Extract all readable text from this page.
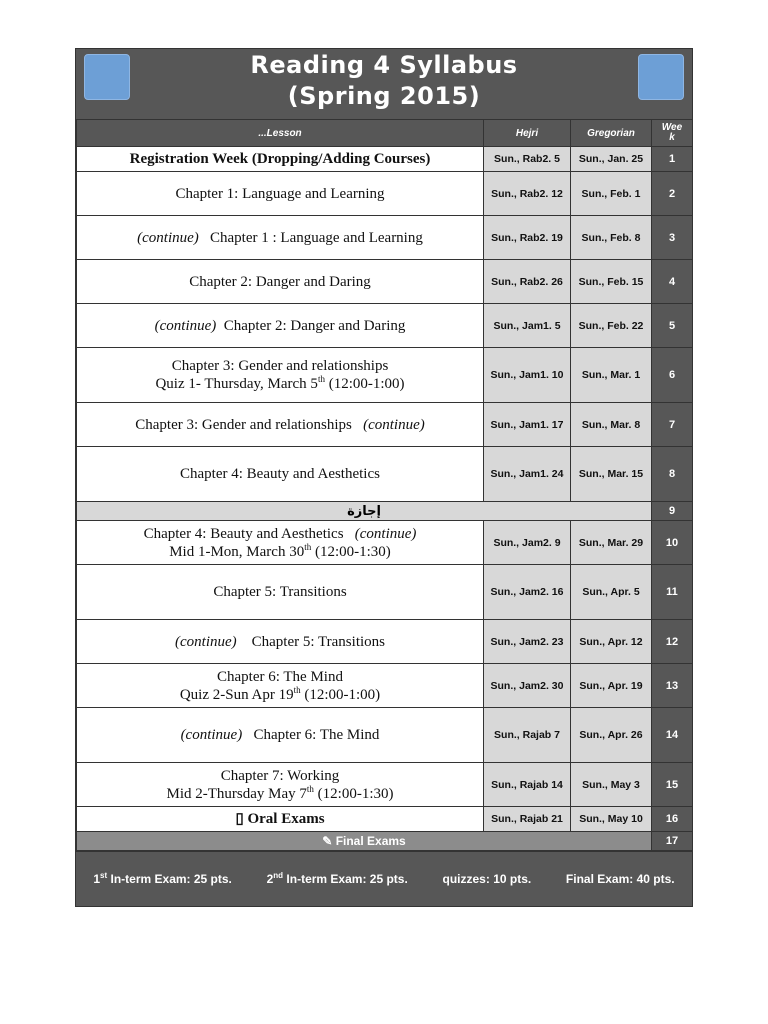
Reading 4 Syllabus
(Spring 2015)
...Lesson	Hejri	Gregorian	Week
Registration Week (Dropping/Adding Courses)	Sun., Rab2. 5	Sun., Jan. 25	1
Chapter 1: Language and Learning	Sun., Rab2. 12	Sun., Feb. 1	2
(continue) Chapter 1 : Language and Learning	Sun., Rab2. 19	Sun., Feb. 8	3
Chapter 2: Danger and Daring	Sun., Rab2. 26	Sun., Feb. 15	4
(continue) Chapter 2: Danger and Daring	Sun., Jam1. 5	Sun., Feb. 22	5

Chapter 3: Gender and relationships
Quiz 1- Thursday, March 5th (12:00-1:00)	Sun., Jam1. 10	Sun., Mar. 1	6
Chapter 3: Gender and relationships (continue)	Sun., Jam1. 17	Sun., Mar. 8	7
Chapter 4: Beauty and Aesthetics	Sun., Jam1. 24	Sun., Mar. 15	8
إجازة			9

Chapter 4: Beauty and Aesthetics (continue)
Mid 1-Mon, March 30th (12:00-1:30)	Sun., Jam2. 9	Sun., Mar. 29	10
Chapter 5: Transitions	Sun., Jam2. 16	Sun., Apr. 5	11
(continue) Chapter 5: Transitions	Sun., Jam2. 23	Sun., Apr. 12	12

Chapter 6: The Mind
Quiz 2-Sun Apr 19th (12:00-1:00)	Sun., Jam2. 30	Sun., Apr. 19	13
(continue) Chapter 6: The Mind	Sun., Rajab 7	Sun., Apr. 26	14

Chapter 7: Working
Mid 2-Thursday May 7th (12:00-1:30)	Sun., Rajab 14	Sun., May 3	15
▯ Oral Exams	Sun., Rajab 21	Sun., May 10	16
✎ Final Exams			17
1st In-term Exam: 25 pts.	2nd In-term Exam: 25 pts.	quizzes: 10 pts.	Final Exam: 40 pts.
